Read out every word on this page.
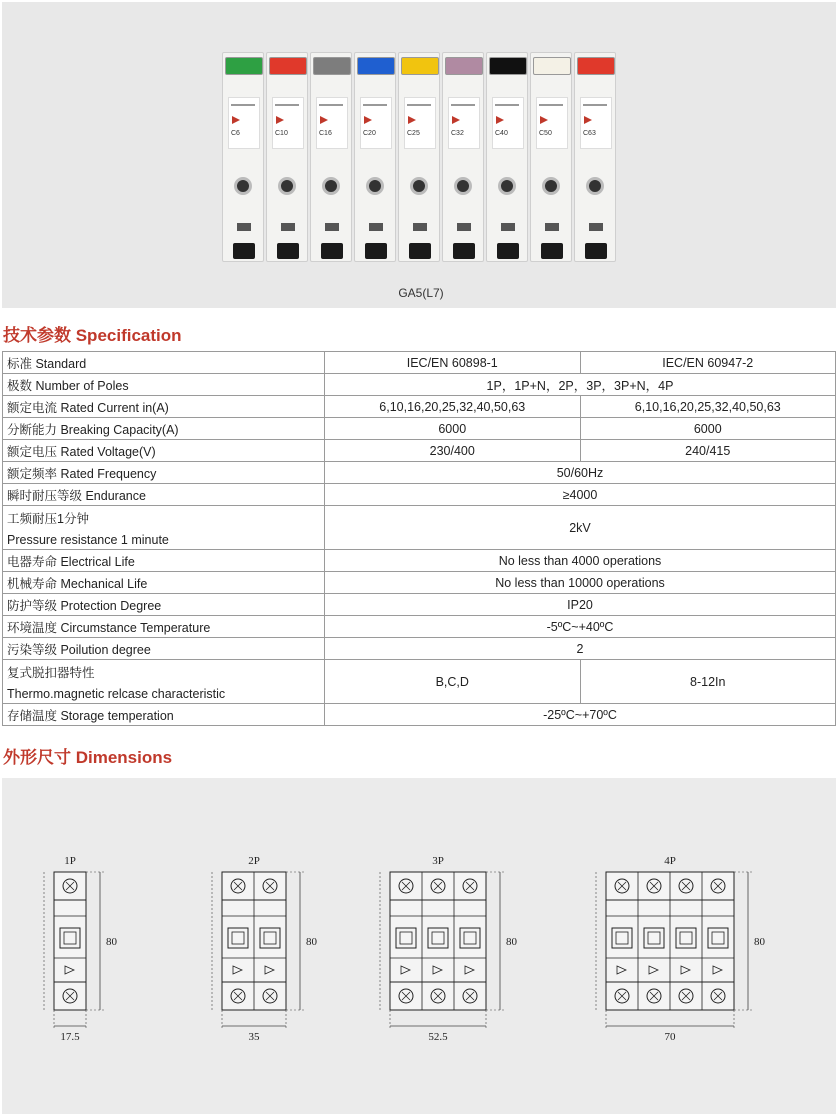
C6	C10	C16	C20	C25	C32	C40	C50	C63
GA5(L7)
技术参数 Specification
标准 Standard	IEC/EN 60898-1	IEC/EN 60947-2
极数 Number of Poles	1P，1P+N，2P，3P，3P+N，4P	
额定电流 Rated Current in(A)	6,10,16,20,25,32,40,50,63	6,10,16,20,25,32,40,50,63
分断能力 Breaking Capacity(A)	6000	6000
额定电压 Rated Voltage(V)	230/400	240/415
额定频率 Rated Frequency	50/60Hz	
瞬时耐压等级 Endurance	≥4000	
工频耐压1分钟
Pressure resistance 1 minute	2kV	
电器寿命 Electrical Life	No less than 4000 operations	
机械寿命 Mechanical Life	No less than 10000 operations	
防护等级 Protection Degree	IP20	
环境温度 Circumstance Temperature	-5ºC~+40ºC	
污染等级 Poilution degree	2	
复式脱扣器特性
Thermo.magnetic relcase characteristic	B,C,D	8-12In
存储温度 Storage temperation	-25ºC~+70ºC	
外形尺寸 Dimensions
1P
80
17.5
2P
80
35
3P
80
52.5
4P
80
70
